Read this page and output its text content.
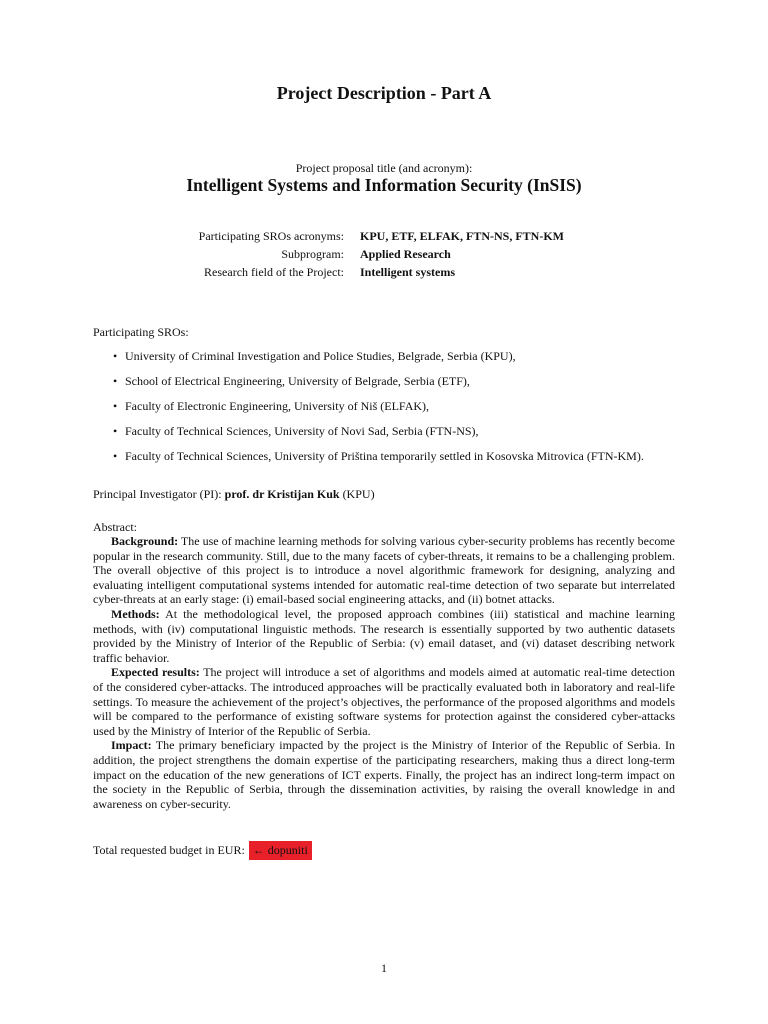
Project Description - Part A
Project proposal title (and acronym):
Intelligent Systems and Information Security (InSIS)
Participating SROs acronyms: KPU, ETF, ELFAK, FTN-NS, FTN-KM
Subprogram: Applied Research
Research field of the Project: Intelligent systems
Participating SROs:
• University of Criminal Investigation and Police Studies, Belgrade, Serbia (KPU),
• School of Electrical Engineering, University of Belgrade, Serbia (ETF),
• Faculty of Electronic Engineering, University of Niš (ELFAK),
• Faculty of Technical Sciences, University of Novi Sad, Serbia (FTN-NS),
• Faculty of Technical Sciences, University of Priština temporarily settled in Kosovska Mitrovica (FTN-KM).
Principal Investigator (PI): prof. dr Kristijan Kuk (KPU)
Abstract:

Background: The use of machine learning methods for solving various cyber-security problems has recently become popular in the research community. Still, due to the many facets of cyber-threats, it remains to be a challenging problem. The overall objective of this project is to introduce a novel algorithmic framework for designing, analyzing and evaluating intelligent computational systems intended for automatic real-time detection of two separate but interrelated cyber-threats at an early stage: (i) email-based social engineering attacks, and (ii) botnet attacks.

Methods: At the methodological level, the proposed approach combines (iii) statistical and machine learning methods, with (iv) computational linguistic methods. The research is essentially supported by two authentic datasets provided by the Ministry of Interior of the Republic of Serbia: (v) email dataset, and (vi) dataset describing network traffic behavior.

Expected results: The project will introduce a set of algorithms and models aimed at automatic real-time detection of the considered cyber-attacks. The introduced approaches will be practically evaluated both in laboratory and real-life settings. To measure the achievement of the project’s objectives, the performance of the proposed algorithms and models will be compared to the performance of existing software systems for protection against the considered cyber-attacks used by the Ministry of Interior of the Republic of Serbia.

Impact: The primary beneficiary impacted by the project is the Ministry of Interior of the Republic of Serbia. In addition, the project strengthens the domain expertise of the participating researchers, making thus a direct long-term impact on the education of the new generations of ICT experts. Finally, the project has an indirect long-term impact on the society in the Republic of Serbia, through the dissemination activities, by raising the overall knowledge in and awareness on cyber-security.

Total requested budget in EUR: ← dopuniti
1
